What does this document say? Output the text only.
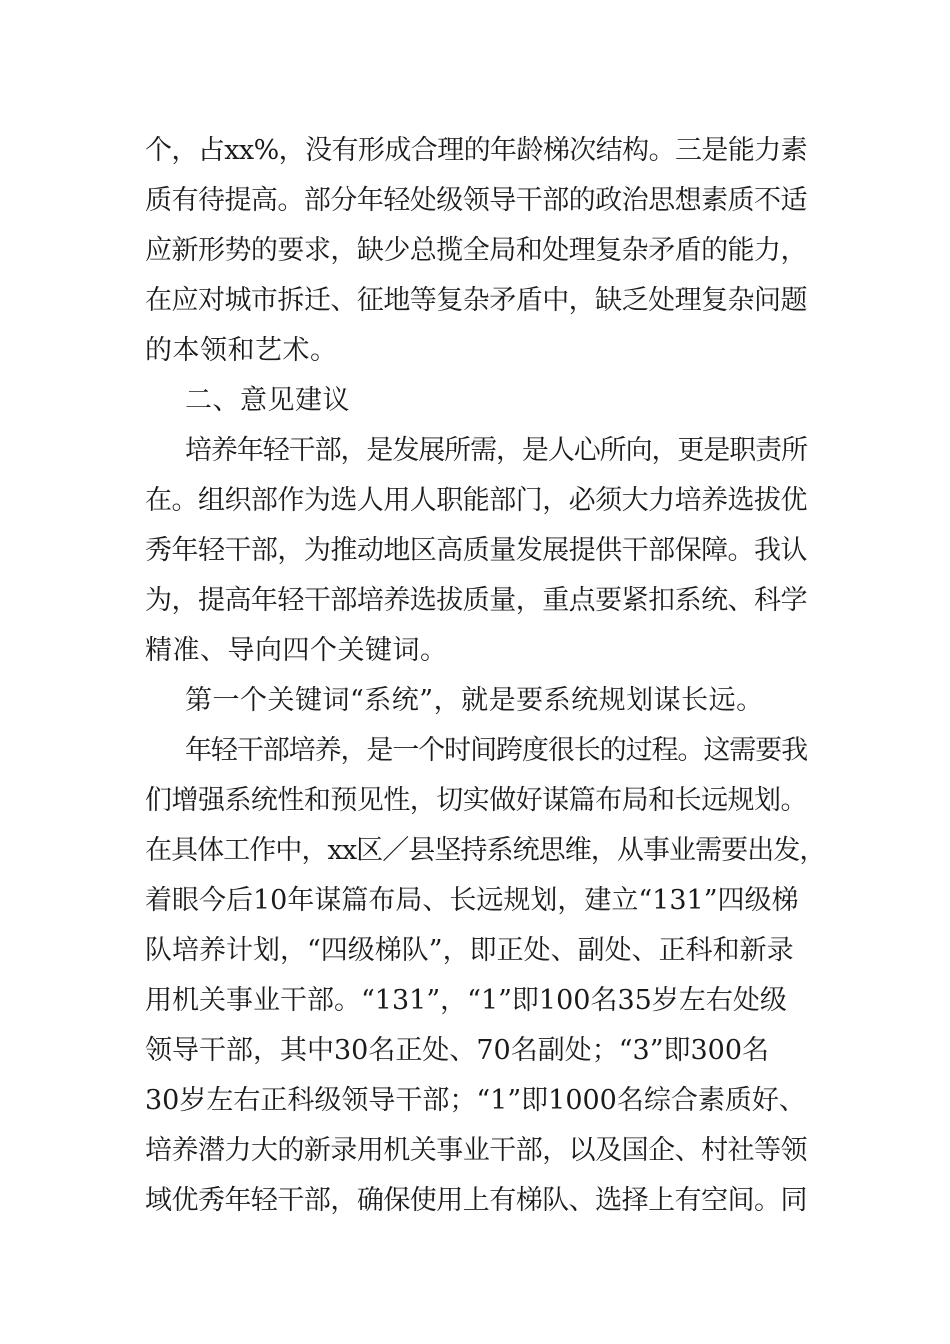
个，占xx%，没有形成合理的年龄梯次结构。三是能力素
质有待提高。部分年轻处级领导干部的政治思想素质不适
应新形势的要求，缺少总揽全局和处理复杂矛盾的能力，
在应对城市拆迁、征地等复杂矛盾中，缺乏处理复杂问题
的本领和艺术。
二、意见建议
培养年轻干部，是发展所需，是人心所向，更是职责所
在。组织部作为选人用人职能部门，必须大力培养选拔优
秀年轻干部，为推动地区高质量发展提供干部保障。我认
为，提高年轻干部培养选拔质量，重点要紧扣系统、科学
精准、导向四个关键词。
第一个关键词“系统”，就是要系统规划谋长远。
年轻干部培养，是一个时间跨度很长的过程。这需要我
们增强系统性和预见性，切实做好谋篇布局和长远规划。
在具体工作中，xx区／县坚持系统思维，从事业需要出发，
着眼今后10年谋篇布局、长远规划，建立“131”四级梯
队培养计划，“四级梯队”，即正处、副处、正科和新录
用机关事业干部。“131”，“1”即100名35岁左右处级
领导干部，其中30名正处、70名副处；“3”即300名
30岁左右正科级领导干部；“1”即1000名综合素质好、
培养潜力大的新录用机关事业干部，以及国企、村社等领
域优秀年轻干部，确保使用上有梯队、选择上有空间。同
